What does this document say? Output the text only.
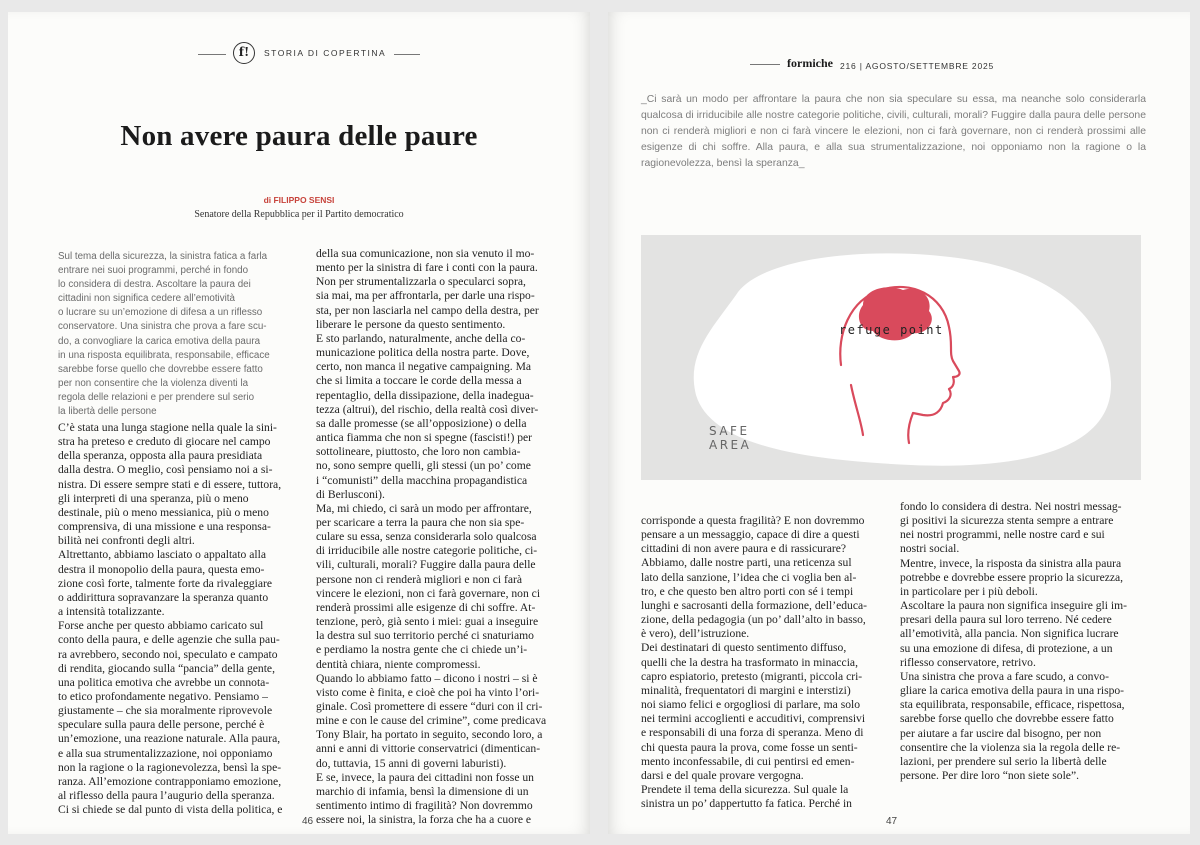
f!	STORIA DI COPERTINA
Non avere paura delle paure
di FILIPPO SENSI
Senatore della Repubblica per il Partito democratico
Sul tema della sicurezza, la sinistra fatica a farla
entrare nei suoi programmi, perché in fondo
lo considera di destra. Ascoltare la paura dei
cittadini non significa cedere all’emotività
o lucrare su un’emozione di difesa a un riflesso
conservatore. Una sinistra che prova a fare scu-
do, a convogliare la carica emotiva della paura
in una risposta equilibrata, responsabile, efficace
sarebbe forse quello che dovrebbe essere fatto
per non consentire che la violenza diventi la
regola delle relazioni e per prendere sul serio
la libertà delle persone
C’è stata una lunga stagione nella quale la sini-
stra ha preteso e creduto di giocare nel campo
della speranza, opposta alla paura presidiata
dalla destra. O meglio, così pensiamo noi a si-
nistra. Di essere sempre stati e di essere, tuttora,
gli interpreti di una speranza, più o meno
destinale, più o meno messianica, più o meno
comprensiva, di una missione e una responsa-
bilità nei confronti degli altri.
Altrettanto, abbiamo lasciato o appaltato alla
destra il monopolio della paura, questa emo-
zione così forte, talmente forte da rivaleggiare
o addirittura sopravanzare la speranza quanto
a intensità totalizzante.
Forse anche per questo abbiamo caricato sul
conto della paura, e delle agenzie che sulla pau-
ra avrebbero, secondo noi, speculato e campato
di rendita, giocando sulla “pancia” della gente,
una politica emotiva che avrebbe un connota-
to etico profondamente negativo. Pensiamo –
giustamente – che sia moralmente riprovevole
speculare sulla paura delle persone, perché è
un’emozione, una reazione naturale. Alla paura,
e alla sua strumentalizzazione, noi opponiamo
non la ragione o la ragionevolezza, bensì la spe-
ranza. All’emozione contrapponiamo emozione,
al riflesso della paura l’augurio della speranza.
Ci si chiede se dal punto di vista della politica, e
della sua comunicazione, non sia venuto il mo-
mento per la sinistra di fare i conti con la paura.
Non per strumentalizzarla o specularci sopra,
sia mai, ma per affrontarla, per darle una rispo-
sta, per non lasciarla nel campo della destra, per
liberare le persone da questo sentimento.
E sto parlando, naturalmente, anche della co-
municazione politica della nostra parte. Dove,
certo, non manca il negative campaigning. Ma
che si limita a toccare le corde della messa a
repentaglio, della dissipazione, della inadegua-
tezza (altrui), del rischio, della realtà così diver-
sa dalle promesse (se all’opposizione) o della
antica fiamma che non si spegne (fascisti!) per
sottolineare, piuttosto, che loro non cambia-
no, sono sempre quelli, gli stessi (un po’ come
i “comunisti” della macchina propagandistica
di Berlusconi).
Ma, mi chiedo, ci sarà un modo per affrontare,
per scaricare a terra la paura che non sia spe-
culare su essa, senza considerarla solo qualcosa
di irriducibile alle nostre categorie politiche, ci-
vili, culturali, morali? Fuggire dalla paura delle
persone non ci renderà migliori e non ci farà
vincere le elezioni, non ci farà governare, non ci
renderà prossimi alle esigenze di chi soffre. At-
tenzione, però, già sento i miei: guai a inseguire
la destra sul suo territorio perché ci snaturiamo
e perdiamo la nostra gente che ci chiede un’i-
dentità chiara, niente compromessi.
Quando lo abbiamo fatto – dicono i nostri – si è
visto come è finita, e cioè che poi ha vinto l’ori-
ginale. Così promettere di essere “duri con il cri-
mine e con le cause del crimine”, come predicava
Tony Blair, ha portato in seguito, secondo loro, a
anni e anni di vittorie conservatrici (dimentican-
do, tuttavia, 15 anni di governi laburisti).
E se, invece, la paura dei cittadini non fosse un
marchio di infamia, bensì la dimensione di un
sentimento intimo di fragilità? Non dovremmo
essere noi, la sinistra, la forza che ha a cuore e
46
formiche 216 | AGOSTO/SETTEMBRE 2025
_Ci sarà un modo per affrontare la paura che non sia speculare su essa, ma neanche solo considerarla qualcosa di irriducibile alle nostre categorie politiche, civili, culturali, morali? Fuggire dalla paura delle persone non ci renderà migliori e non ci farà vincere le elezioni, non ci farà governare, non ci renderà prossimi alle esigenze di chi soffre. Alla paura, e alla sua strumentalizzazione, noi opponiamo non la ragione o la ragionevolezza, bensì la speranza_
refuge point
SAFE
AREA
corrisponde a questa fragilità? E non dovremmo
pensare a un messaggio, capace di dire a questi
cittadini di non avere paura e di rassicurare?
Abbiamo, dalle nostre parti, una reticenza sul
lato della sanzione, l’idea che ci voglia ben al-
tro, e che questo ben altro porti con sé i tempi
lunghi e sacrosanti della formazione, dell’educa-
zione, della pedagogia (un po’ dall’alto in basso,
è vero), dell’istruzione.
Dei destinatari di questo sentimento diffuso,
quelli che la destra ha trasformato in minaccia,
capro espiatorio, pretesto (migranti, piccola cri-
minalità, frequentatori di margini e interstizi)
noi siamo felici e orgogliosi di parlare, ma solo
nei termini accoglienti e accuditivi, comprensivi
e responsabili di una forza di speranza. Meno di
chi questa paura la prova, come fosse un senti-
mento inconfessabile, di cui pentirsi ed emen-
darsi e del quale provare vergogna.
Prendete il tema della sicurezza. Sul quale la
sinistra un po’ dappertutto fa fatica. Perché in
fondo lo considera di destra. Nei nostri messag-
gi positivi la sicurezza stenta sempre a entrare
nei nostri programmi, nelle nostre card e sui
nostri social.
Mentre, invece, la risposta da sinistra alla paura
potrebbe e dovrebbe essere proprio la sicurezza,
in particolare per i più deboli.
Ascoltare la paura non significa inseguire gli im-
presari della paura sul loro terreno. Né cedere
all’emotività, alla pancia. Non significa lucrare
su una emozione di difesa, di protezione, a un
riflesso conservatore, retrivo.
Una sinistra che prova a fare scudo, a convo-
gliare la carica emotiva della paura in una rispo-
sta equilibrata, responsabile, efficace, rispettosa,
sarebbe forse quello che dovrebbe essere fatto
per aiutare a far uscire dal bisogno, per non
consentire che la violenza sia la regola delle re-
lazioni, per prendere sul serio la libertà delle
persone. Per dire loro “non siete sole”.
47
